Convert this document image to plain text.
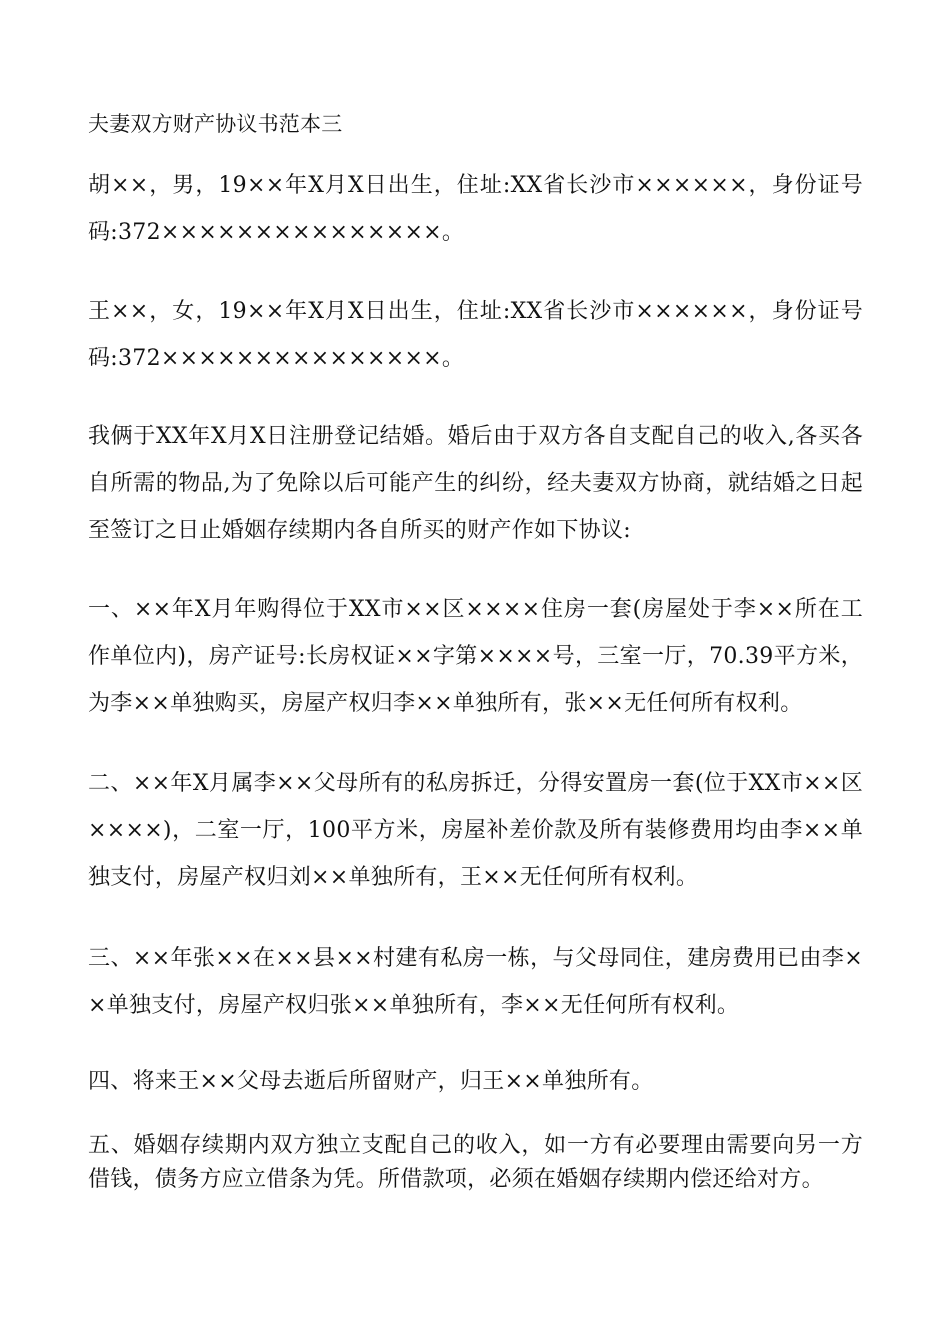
夫妻双方财产协议书范本三
胡××，男，19××年X月X日出生，住址:XX省长沙市××××××，身份证号码:372×××××××××××××××。
王××，女，19××年X月X日出生，住址:XX省长沙市××××××，身份证号码:372×××××××××××××××。
我俩于XX年X月X日注册登记结婚。婚后由于双方各自支配自己的收入,各买各自所需的物品,为了免除以后可能产生的纠纷，经夫妻双方协商，就结婚之日起至签订之日止婚姻存续期内各自所买的财产作如下协议:
一、××年X月年购得位于XX市××区××××住房一套(房屋处于李××所在工作单位内)，房产证号:长房权证××字第××××号，三室一厅，70.39平方米，为李××单独购买，房屋产权归李××单独所有，张××无任何所有权利。
二、××年X月属李××父母所有的私房拆迁，分得安置房一套(位于XX市××区××××)，二室一厅，100平方米，房屋补差价款及所有装修费用均由李××单独支付，房屋产权归刘××单独所有，王××无任何所有权利。
三、××年张××在××县××村建有私房一栋，与父母同住，建房费用已由李××单独支付，房屋产权归张××单独所有，李××无任何所有权利。
四、将来王××父母去逝后所留财产，归王××单独所有。
五、婚姻存续期内双方独立支配自己的收入，如一方有必要理由需要向另一方借钱，债务方应立借条为凭。所借款项，必须在婚姻存续期内偿还给对方。
